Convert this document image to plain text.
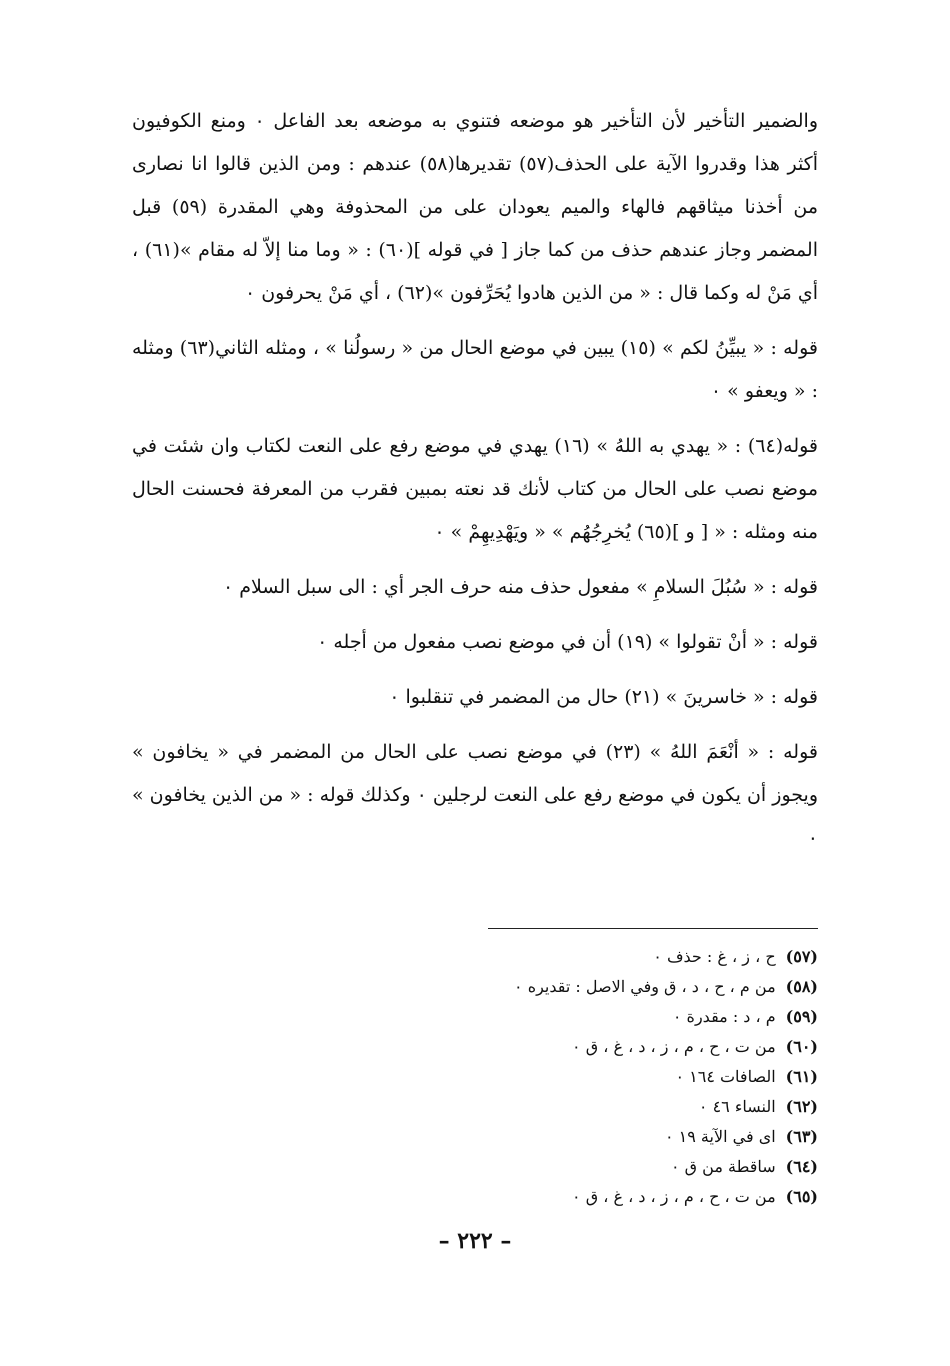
والضمير التأخير لأن التأخير هو موضعه فتنوي به موضعه بعد الفاعل ٠ ومنع الكوفيون أكثر هذا وقدروا الآية على الحذف(٥٧) تقديرها(٥٨) عندهم : ومن الذين قالوا انا نصارى من أخذنا ميثاقهم فالهاء والميم يعودان على من المحذوفة وهي المقدرة (٥٩) قبل المضمر وجاز عندهم حذف من كما جاز [ في قوله ](٦٠) : « وما منا إلاّ له مقام »(٦١) ، أي مَنْ له وكما قال : « من الذين هادوا يُحَرِّفون »(٦٢) ، أي مَنْ يحرفون ٠

قوله : « يبيِّنُ لكم » (١٥) يبين في موضع الحال من « رسولُنا » ، ومثله الثاني(٦٣) ومثله : « ويعفو » ٠

قوله(٦٤) : « يهدي به اللهُ » (١٦) يهدي في موضع رفع على النعت لكتاب وان شئت في موضع نصب على الحال من كتاب لأنك قد نعته بمبين فقرب من المعرفة فحسنت الحال منه ومثله : « [ و ](٦٥) يُخرِجُهُم » « ويَهْدِيهِمْ » ٠

قوله : « سُبُلَ السلامِ » مفعول حذف منه حرف الجر أي : الى سبل السلام ٠

قوله : « أنْ تقولوا » (١٩) أن في موضع نصب مفعول من أجله ٠

قوله : « خاسرينَ » (٢١) حال من المضمر في تنقلبوا ٠

قوله : « أنْعَمَ اللهُ » (٢٣) في موضع نصب على الحال من المضمر في « يخافون » ويجوز أن يكون في موضع رفع على النعت لرجلين ٠ وكذلك قوله : « من الذين يخافون » ٠

(٥٧)ح ، ز ، غ : حذف ٠
(٥٨)من م ، ح ، د ، ق وفي الاصل : تقديره ٠
(٥٩)م ، د : مقدرة ٠
(٦٠)من ت ، ح ، م ، ز ، د ، غ ، ق ٠
(٦١)الصافات ١٦٤ ٠
(٦٢)النساء ٤٦ ٠
(٦٣)اى في الآية ١٩ ٠
(٦٤)ساقطة من ق ٠
(٦٥)من ت ، ح ، م ، ز ، د ، غ ، ق ٠
– ٢٢٢ –
